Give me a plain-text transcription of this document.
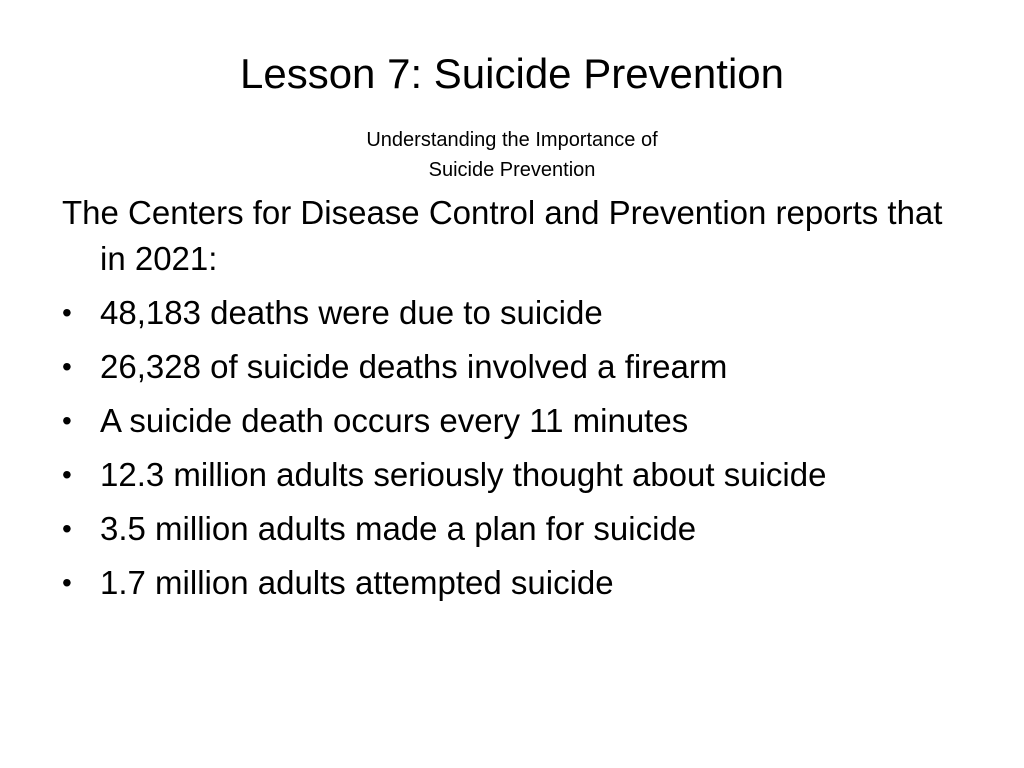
Lesson 7: Suicide Prevention
Understanding the Importance of
Suicide Prevention

The Centers for Disease Control and Prevention reports that in 2021:

• 48,183 deaths were due to suicide
• 26,328 of suicide deaths involved a firearm
• A suicide death occurs every 11 minutes
• 12.3 million adults seriously thought about suicide
• 3.5 million adults made a plan for suicide
• 1.7 million adults attempted suicide
